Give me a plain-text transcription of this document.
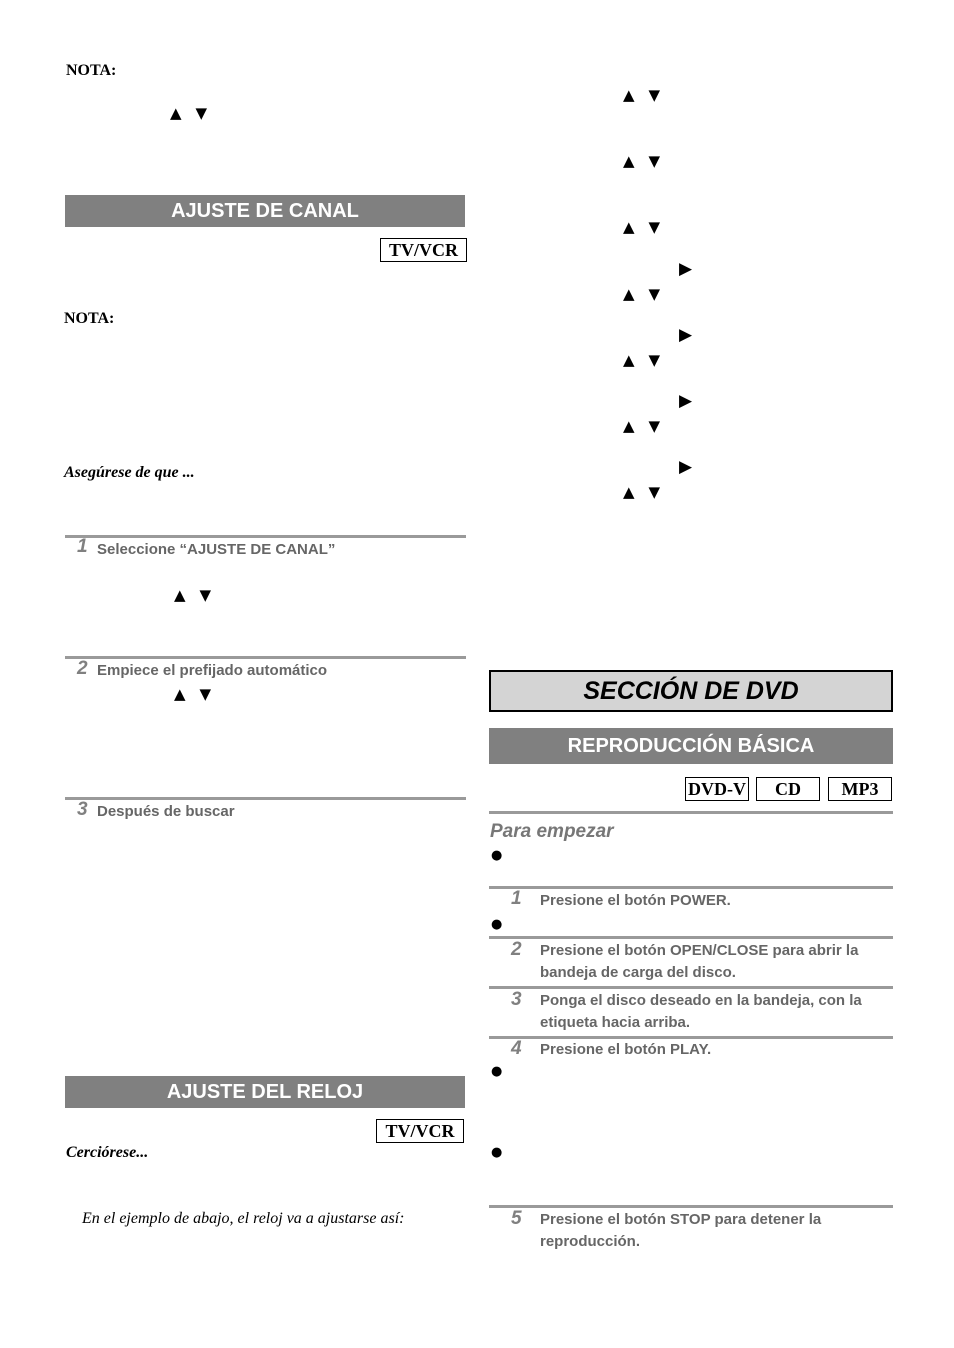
NOTA:
▲▼
AJUSTE DE CANAL
TV/VCR
NOTA:
Asegúrese de que ...
1 Seleccione “AJUSTE DE CANAL”
▲▼
2 Empiece el prefijado automático
▲▼
3 Después de buscar
AJUSTE DEL RELOJ
TV/VCR
Cerciórese...
En el ejemplo de abajo, el reloj va a ajustarse así:
▲▼
▲▼
▲▼
▶
▲▼
▶
▲▼
▶
▲▼
▶
▲▼
SECCIÓN DE DVD
REPRODUCCIÓN BÁSICA
DVD-V	CD	MP3
Para empezar
●
1 Presione el botón POWER.
●
2 Presione el botón OPEN/CLOSE para abrir la bandeja de carga del disco.
3 Ponga el disco deseado en la bandeja, con la etiqueta hacia arriba.
4 Presione el botón PLAY.
●
●
5 Presione el botón STOP para detener la reproducción.
